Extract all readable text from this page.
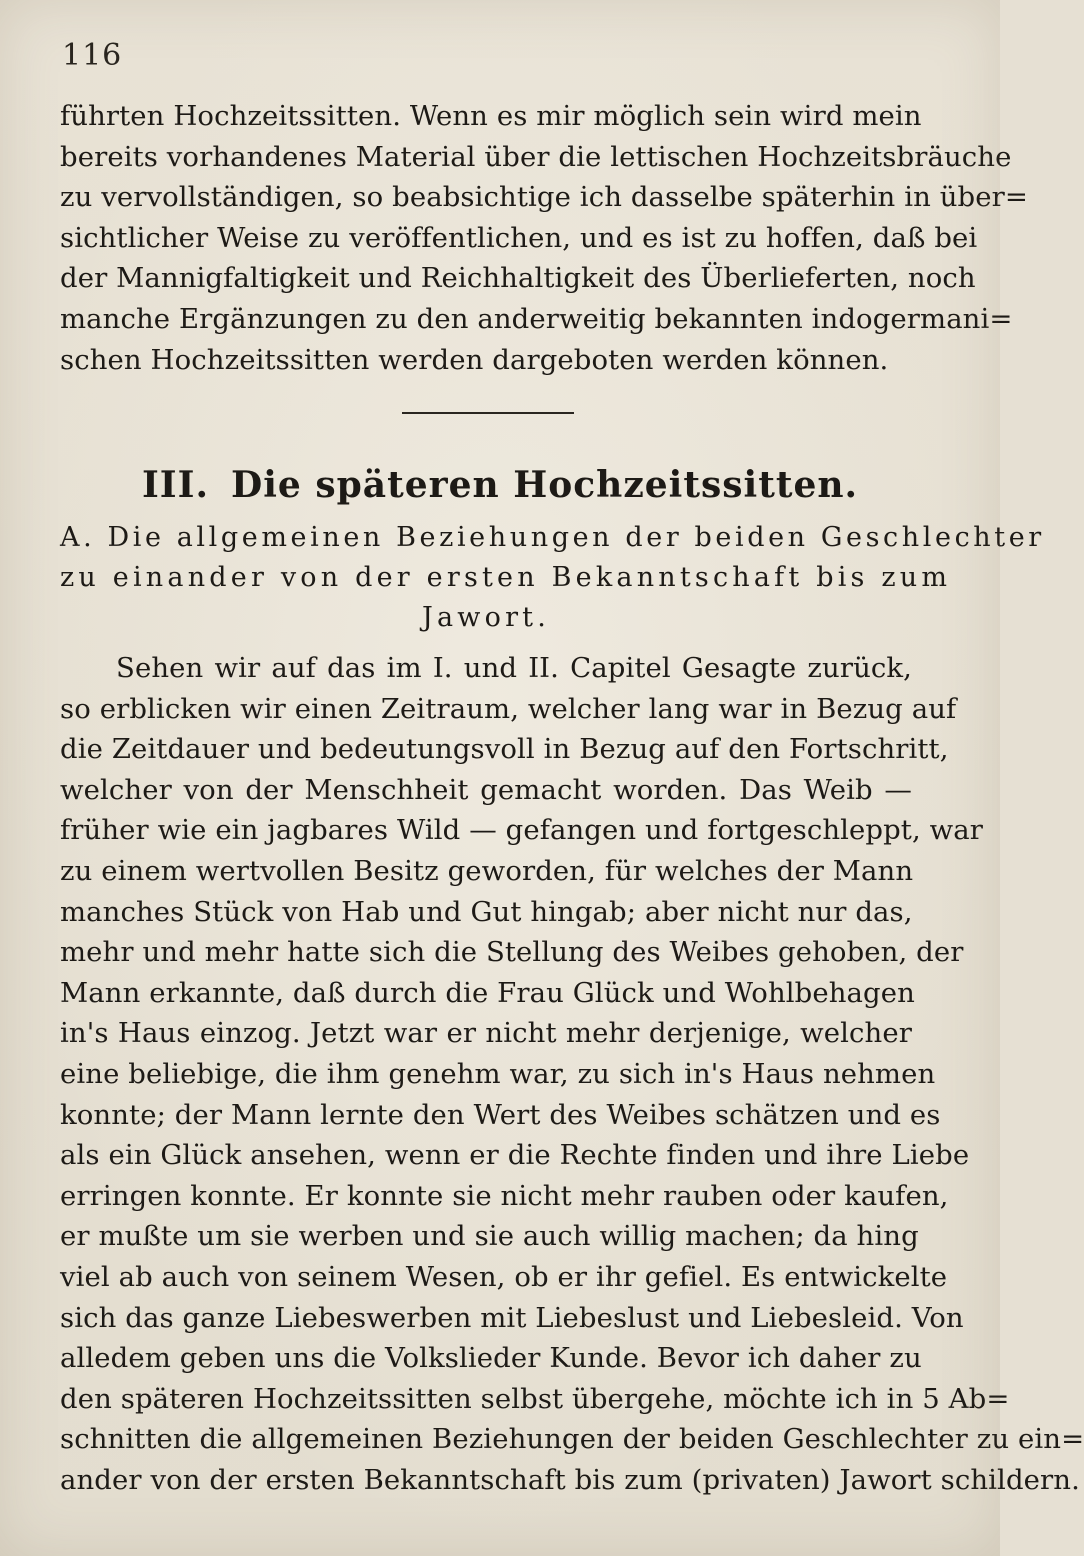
116
führten Hochzeitssitten. Wenn es mir möglich sein wird mein
bereits vorhandenes Material über die lettischen Hochzeitsbräuche
zu vervollständigen, so beabsichtige ich dasselbe späterhin in über=
sichtlicher Weise zu veröffentlichen, und es ist zu hoffen, daß bei
der Mannigfaltigkeit und Reichhaltigkeit des Überlieferten, noch
manche Ergänzungen zu den anderweitig bekannten indogermani=
schen Hochzeitssitten werden dargeboten werden können.
III. Die späteren Hochzeitssitten.
A. Die allgemeinen Beziehungen der beiden Geschlechter
zu einander von der ersten Bekanntschaft bis zum
Jawort.
Sehen wir auf das im I. und II. Capitel Gesagte zurück,
so erblicken wir einen Zeitraum, welcher lang war in Bezug auf
die Zeitdauer und bedeutungsvoll in Bezug auf den Fortschritt,
welcher von der Menschheit gemacht worden. Das Weib —
früher wie ein jagbares Wild — gefangen und fortgeschleppt, war
zu einem wertvollen Besitz geworden, für welches der Mann
manches Stück von Hab und Gut hingab; aber nicht nur das,
mehr und mehr hatte sich die Stellung des Weibes gehoben, der
Mann erkannte, daß durch die Frau Glück und Wohlbehagen
in's Haus einzog. Jetzt war er nicht mehr derjenige, welcher
eine beliebige, die ihm genehm war, zu sich in's Haus nehmen
konnte; der Mann lernte den Wert des Weibes schätzen und es
als ein Glück ansehen, wenn er die Rechte finden und ihre Liebe
erringen konnte. Er konnte sie nicht mehr rauben oder kaufen,
er mußte um sie werben und sie auch willig machen; da hing
viel ab auch von seinem Wesen, ob er ihr gefiel. Es entwickelte
sich das ganze Liebeswerben mit Liebeslust und Liebesleid. Von
alledem geben uns die Volkslieder Kunde. Bevor ich daher zu
den späteren Hochzeitssitten selbst übergehe, möchte ich in 5 Ab=
schnitten die allgemeinen Beziehungen der beiden Geschlechter zu ein=
ander von der ersten Bekanntschaft bis zum (privaten) Jawort schildern.
